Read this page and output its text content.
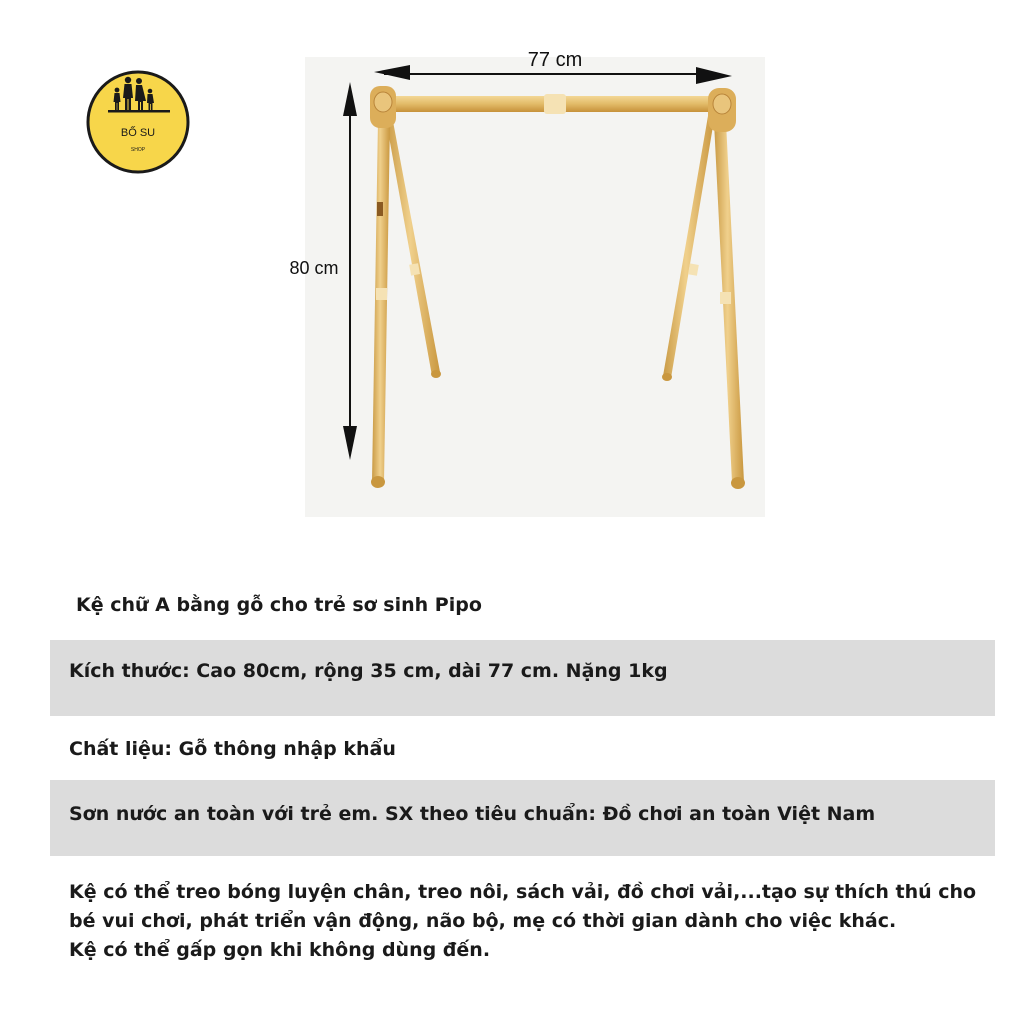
BỐ SU
SHOP
77 cm
80 cm
Kệ chữ A bằng gỗ cho trẻ sơ sinh Pipo
Kích thước: Cao 80cm, rộng 35 cm, dài 77 cm. Nặng 1kg
Chất liệu: Gỗ thông nhập khẩu
Sơn nước an toàn với trẻ em. SX theo tiêu chuẩn: Đồ chơi an toàn Việt Nam

Kệ có thể treo bóng luyện chân, treo nôi, sách vải, đồ chơi vải,...tạo sự thích thú cho
bé vui chơi, phát triển vận động, não bộ, mẹ có thời gian dành cho việc khác.
Kệ có thể gấp gọn khi không dùng đến.
